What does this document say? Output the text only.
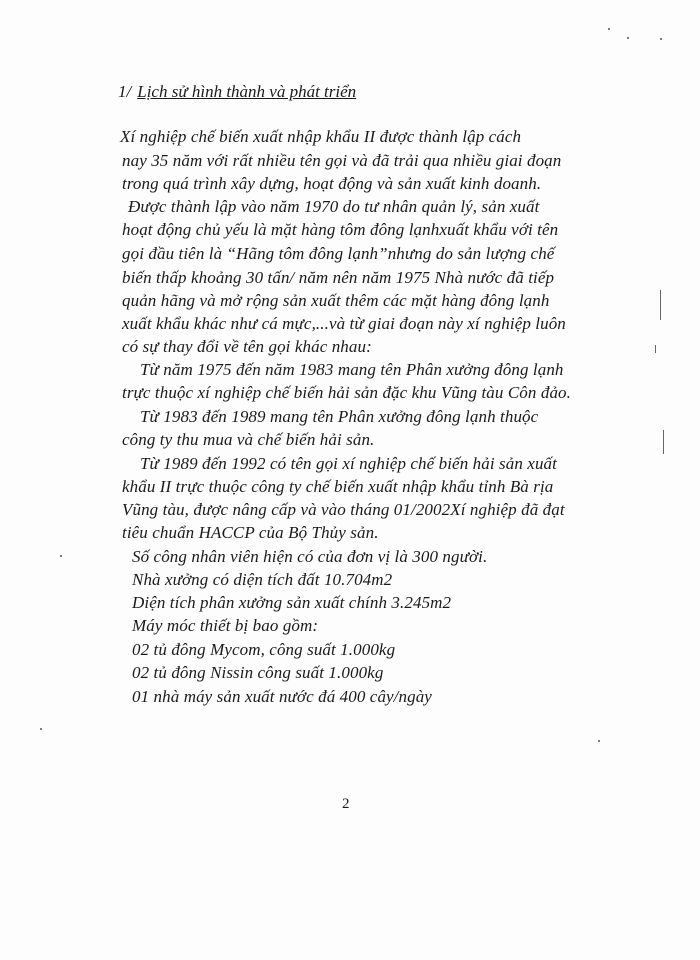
1/ Lịch sử hình thành và phát triển
Xí nghiệp chế biến xuất nhập khẩu II được thành lập cách
nay 35 năm với rất nhiều tên gọi và đã trải qua nhiều giai đoạn
trong quá trình xây dựng, hoạt động và sản xuất kinh doanh.
Được thành lập vào năm 1970 do tư nhân quản lý, sản xuất
hoạt động chủ yếu là mặt hàng tôm đông lạnhxuất khẩu với tên
gọi đầu tiên là “Hãng tôm đông lạnh”nhưng do sản lượng chế
biến thấp khoảng 30 tấn/ năm nên năm 1975 Nhà nước đã tiếp
quản hãng và mở rộng sản xuất thêm các mặt hàng đông lạnh
xuất khẩu khác như cá mực,...và từ giai đoạn này xí nghiệp luôn
có sự thay đổi về tên gọi khác nhau:
Từ năm 1975 đến năm 1983 mang tên Phân xưởng đông lạnh
trực thuộc xí nghiệp chế biến hải sản đặc khu Vũng tàu Côn đảo.
Từ 1983 đến 1989 mang tên Phân xưởng đông lạnh thuộc
công ty thu mua và chế biến hải sản.
Từ 1989 đến 1992 có tên gọi xí nghiệp chế biến hải sản xuất
khẩu II trực thuộc công ty chế biến xuất nhập khẩu tỉnh Bà rịa
Vũng tàu, được nâng cấp và vào tháng 01/2002Xí nghiệp đã đạt
tiêu chuẩn HACCP của Bộ Thủy sản.
Số công nhân viên hiện có của đơn vị là 300 người.
Nhà xưởng có diện tích đất 10.704m2
Diện tích phân xưởng sản xuất chính 3.245m2
Máy móc thiết bị bao gồm:
02 tủ đông Mycom, công suất 1.000kg
02 tủ đông Nissin công suất 1.000kg
01 nhà máy sản xuất nước đá 400 cây/ngày
2
